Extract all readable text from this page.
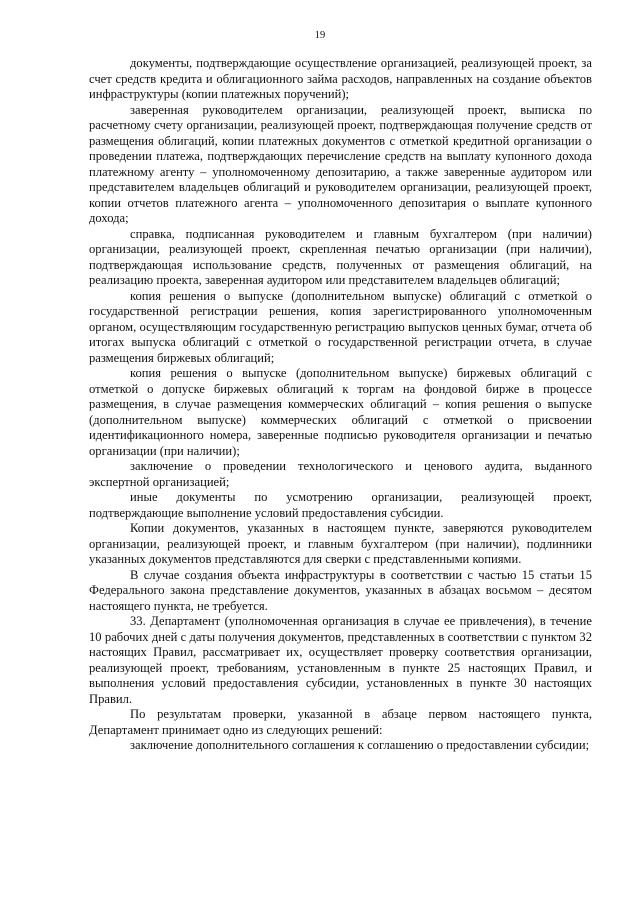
19

документы, подтверждающие осуществление организацией, реализующей проект, за счет средств кредита и облигационного займа расходов, направленных на создание объектов инфраструктуры (копии платежных поручений);

заверенная руководителем организации, реализующей проект, выписка по расчетному счету организации, реализующей проект, подтверждающая получение средств от размещения облигаций, копии платежных документов с отметкой кредитной организации о проведении платежа, подтверждающих перечисление средств на выплату купонного дохода платежному агенту – уполномоченному депозитарию, а также заверенные аудитором или представителем владельцев облигаций и руководителем организации, реализующей проект, копии отчетов платежного агента – уполномоченного депозитария о выплате купонного дохода;

справка, подписанная руководителем и главным бухгалтером (при наличии) организации, реализующей проект, скрепленная печатью организации (при наличии), подтверждающая использование средств, полученных от размещения облигаций, на реализацию проекта, заверенная аудитором или представителем владельцев облигаций;

копия решения о выпуске (дополнительном выпуске) облигаций с отметкой о государственной регистрации решения, копия зарегистрированного уполномоченным органом, осуществляющим государственную регистрацию выпусков ценных бумаг, отчета об итогах выпуска облигаций с отметкой о государственной регистрации отчета, в случае размещения биржевых облигаций;

копия решения о выпуске (дополнительном выпуске) биржевых облигаций с отметкой о допуске биржевых облигаций к торгам на фондовой бирже в процессе размещения, в случае размещения коммерческих облигаций – копия решения о выпуске (дополнительном выпуске) коммерческих облигаций с отметкой о присвоении идентификационного номера, заверенные подписью руководителя организации и печатью организации (при наличии);

заключение о проведении технологического и ценового аудита, выданного экспертной организацией;

иные документы по усмотрению организации, реализующей проект, подтверждающие выполнение условий предоставления субсидии.

Копии документов, указанных в настоящем пункте, заверяются руководителем организации, реализующей проект, и главным бухгалтером (при наличии), подлинники указанных документов представляются для сверки с представленными копиями.

В случае создания объекта инфраструктуры в соответствии с частью 15 статьи 15 Федерального закона представление документов, указанных в абзацах восьмом – десятом настоящего пункта, не требуется.

33. Департамент (уполномоченная организация в случае ее привлечения), в течение 10 рабочих дней с даты получения документов, представленных в соответствии с пунктом 32 настоящих Правил, рассматривает их, осуществляет проверку соответствия организации, реализующей проект, требованиям, установленным в пункте 25 настоящих Правил, и выполнения условий предоставления субсидии, установленных в пункте 30 настоящих Правил.

По результатам проверки, указанной в абзаце первом настоящего пункта, Департамент принимает одно из следующих решений:

заключение дополнительного соглашения к соглашению о предоставлении субсидии;
